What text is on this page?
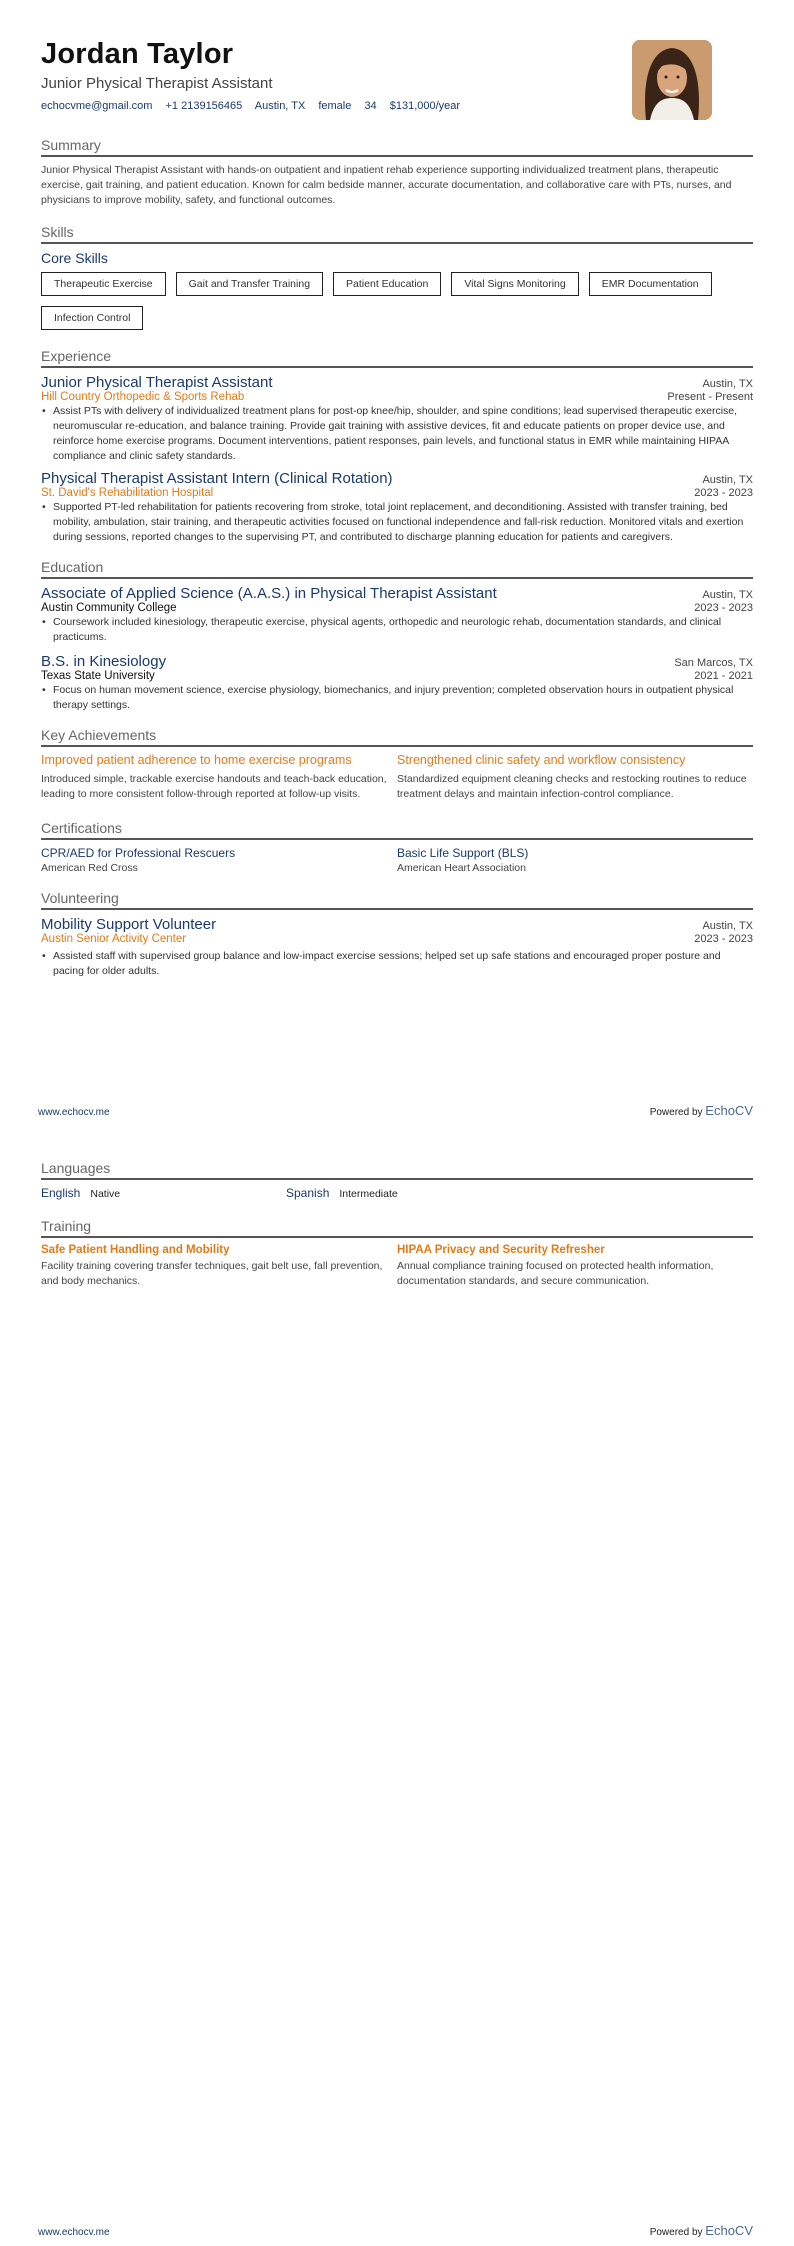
Jordan Taylor
Junior Physical Therapist Assistant
echocvme@gmail.com +1 2139156465 Austin, TX female 34 $131,000/year
Summary
Junior Physical Therapist Assistant with hands-on outpatient and inpatient rehab experience supporting individualized treatment plans, therapeutic exercise, gait training, and patient education. Known for calm bedside manner, accurate documentation, and collaborative care with PTs, nurses, and physicians to improve mobility, safety, and functional outcomes.
Skills
Core Skills
Therapeutic Exercise	Gait and Transfer Training	Patient Education	Vital Signs Monitoring	EMR Documentation
Infection Control
Experience
Junior Physical Therapist Assistant	Austin, TX
Hill Country Orthopedic & Sports Rehab	Present - Present
• Assist PTs with delivery of individualized treatment plans for post-op knee/hip, shoulder, and spine conditions; lead supervised therapeutic exercise, neuromuscular re-education, and balance training. Provide gait training with assistive devices, fit and educate patients on proper device use, and reinforce home exercise programs. Document interventions, patient responses, pain levels, and functional status in EMR while maintaining HIPAA compliance and clinic safety standards.
Physical Therapist Assistant Intern (Clinical Rotation)	Austin, TX
St. David's Rehabilitation Hospital	2023 - 2023
• Supported PT-led rehabilitation for patients recovering from stroke, total joint replacement, and deconditioning. Assisted with transfer training, bed mobility, ambulation, stair training, and therapeutic activities focused on functional independence and fall-risk reduction. Monitored vitals and exertion during sessions, reported changes to the supervising PT, and contributed to discharge planning education for patients and caregivers.
Education
Associate of Applied Science (A.A.S.) in Physical Therapist Assistant	Austin, TX
Austin Community College	2023 - 2023
• Coursework included kinesiology, therapeutic exercise, physical agents, orthopedic and neurologic rehab, documentation standards, and clinical practicums.
B.S. in Kinesiology	San Marcos, TX
Texas State University	2021 - 2021
• Focus on human movement science, exercise physiology, biomechanics, and injury prevention; completed observation hours in outpatient physical therapy settings.
Key Achievements
Improved patient adherence to home exercise programs
Introduced simple, trackable exercise handouts and teach-back education, leading to more consistent follow-through reported at follow-up visits.
Strengthened clinic safety and workflow consistency
Standardized equipment cleaning checks and restocking routines to reduce treatment delays and maintain infection-control compliance.
Certifications
CPR/AED for Professional Rescuers
American Red Cross
Basic Life Support (BLS)
American Heart Association
Volunteering
Mobility Support Volunteer	Austin, TX
Austin Senior Activity Center	2023 - 2023
• Assisted staff with supervised group balance and low-impact exercise sessions; helped set up safe stations and encouraged proper posture and pacing for older adults.
www.echocv.me	Powered by EchoCV
Languages
English Native	Spanish Intermediate
Training
Safe Patient Handling and Mobility
Facility training covering transfer techniques, gait belt use, fall prevention, and body mechanics.
HIPAA Privacy and Security Refresher
Annual compliance training focused on protected health information, documentation standards, and secure communication.
www.echocv.me	Powered by EchoCV
